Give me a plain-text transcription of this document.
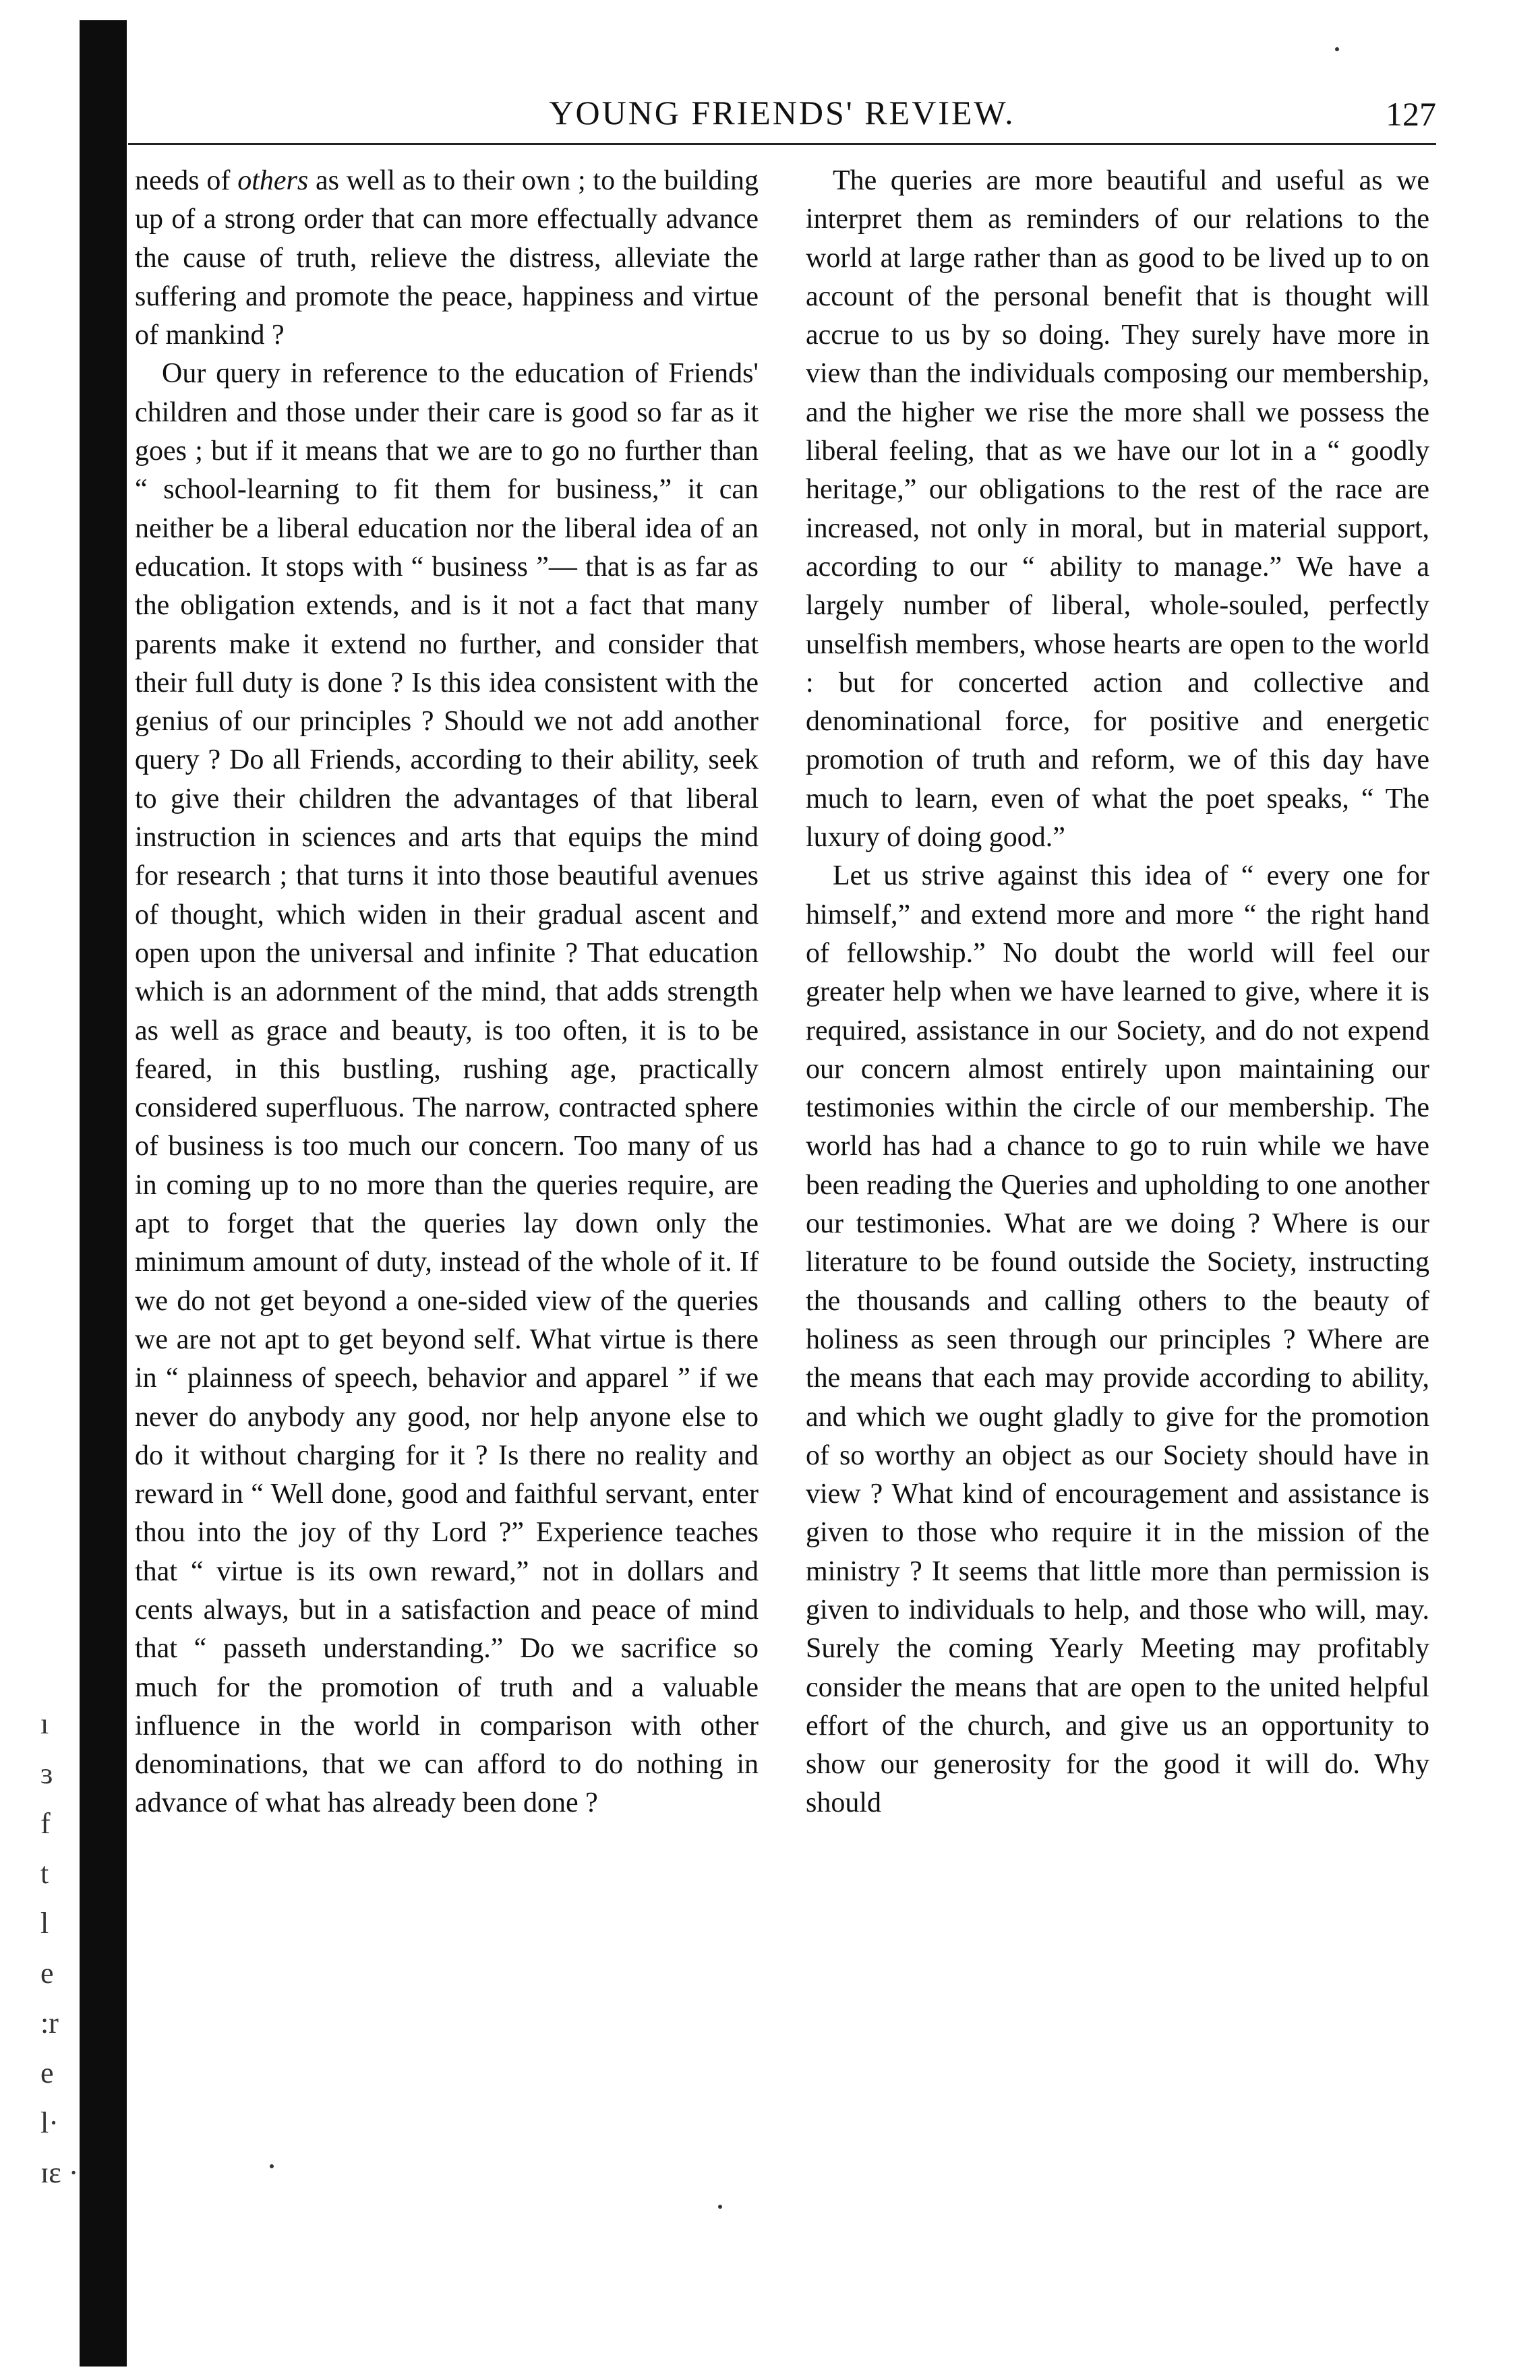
ı
ɜ
f
t
l
e
:r
e
l·
ɪɛ ·
YOUNG FRIENDS' REVIEW.	127

needs of others as well as to their own ; to the building up of a strong order that can more effectually advance the cause of truth, relieve the distress, alleviate the suffering and promote the peace, happiness and virtue of mankind ?

Our query in reference to the education of Friends' children and those under their care is good so far as it goes ; but if it means that we are to go no further than “ school-learning to fit them for business,” it can neither be a liberal education nor the liberal idea of an education. It stops with “ business ”— that is as far as the obligation extends, and is it not a fact that many parents make it extend no further, and consider that their full duty is done ? Is this idea consistent with the genius of our principles ? Should we not add another query ? Do all Friends, according to their ability, seek to give their children the advantages of that liberal instruction in sciences and arts that equips the mind for research ; that turns it into those beautiful avenues of thought, which widen in their gradual ascent and open upon the universal and infinite ? That education which is an adornment of the mind, that adds strength as well as grace and beauty, is too often, it is to be feared, in this bustling, rushing age, practically considered superfluous. The narrow, contracted sphere of business is too much our concern. Too many of us in coming up to no more than the queries require, are apt to forget that the queries lay down only the minimum amount of duty, instead of the whole of it. If we do not get beyond a one-sided view of the queries we are not apt to get beyond self. What virtue is there in “ plainness of speech, behavior and apparel ” if we never do anybody any good, nor help anyone else to do it without charging for it ? Is there no reality and reward in “ Well done, good and faithful servant, enter thou into the joy of thy Lord ?” Experience teaches that “ virtue is its own reward,” not in dollars and cents always, but in a satisfaction and peace of mind that “ passeth understanding.” Do we sacrifice so much for the promotion of truth and a valuable influence in the world in comparison with other denominations, that we can afford to do nothing in advance of what has already been done ?

The queries are more beautiful and useful as we interpret them as reminders of our relations to the world at large rather than as good to be lived up to on account of the personal benefit that is thought will accrue to us by so doing. They surely have more in view than the individuals composing our membership, and the higher we rise the more shall we possess the liberal feeling, that as we have our lot in a “ goodly heritage,” our obligations to the rest of the race are increased, not only in moral, but in material support, according to our “ ability to manage.” We have a largely number of liberal, whole-souled, perfectly unselfish members, whose hearts are open to the world : but for concerted action and collective and denominational force, for positive and energetic promotion of truth and reform, we of this day have much to learn, even of what the poet speaks, “ The luxury of doing good.”

Let us strive against this idea of “ every one for himself,” and extend more and more “ the right hand of fellowship.” No doubt the world will feel our greater help when we have learned to give, where it is required, assistance in our Society, and do not expend our concern almost entirely upon maintaining our testimonies within the circle of our membership. The world has had a chance to go to ruin while we have been reading the Queries and upholding to one another our testimonies. What are we doing ? Where is our literature to be found outside the Society, instructing the thousands and calling others to the beauty of holiness as seen through our principles ? Where are the means that each may provide according to ability, and which we ought gladly to give for the promotion of so worthy an object as our Society should have in view ? What kind of encouragement and assistance is given to those who require it in the mission of the ministry ? It seems that little more than permission is given to individuals to help, and those who will, may. Surely the coming Yearly Meeting may profitably consider the means that are open to the united helpful effort of the church, and give us an opportunity to show our generosity for the good it will do. Why should
